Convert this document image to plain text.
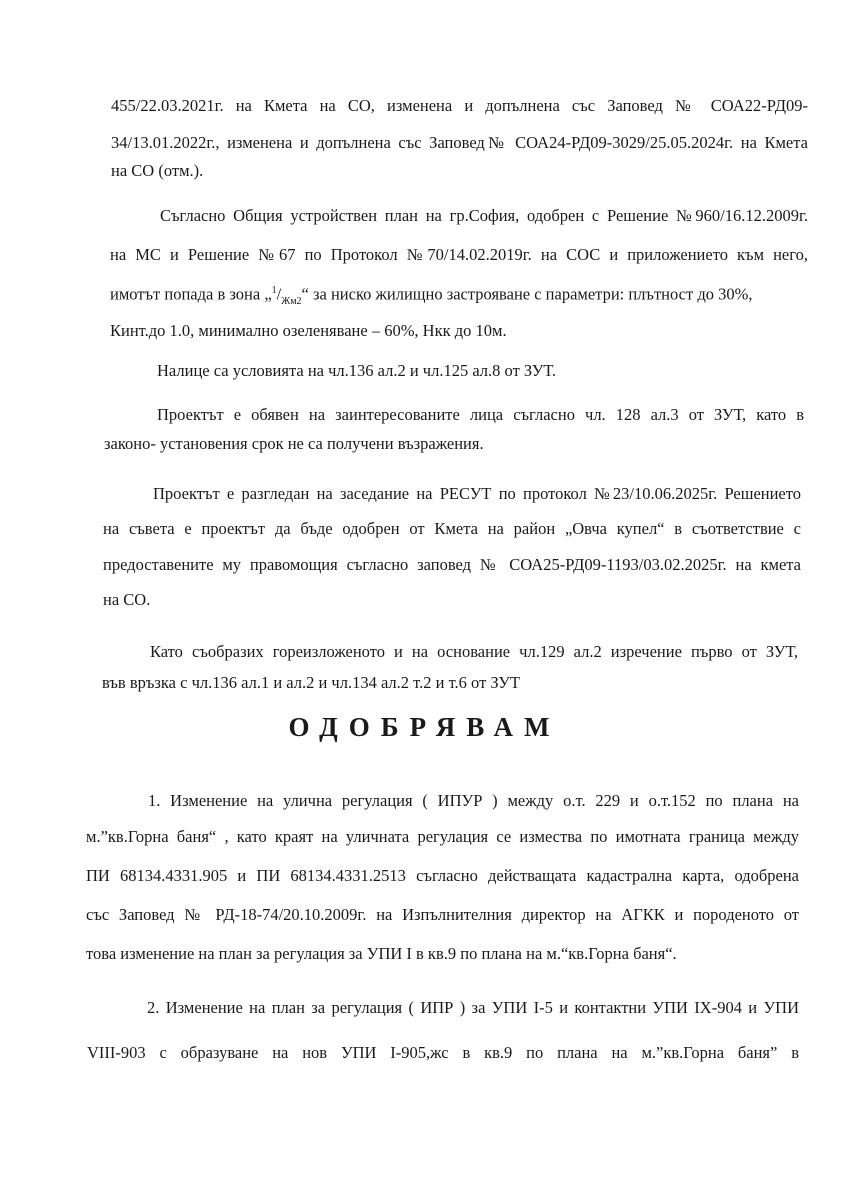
455/22.03.2021г. на Кмета на СО, изменена и допълнена със Заповед № СОА22-РД09-
34/13.01.2022г., изменена и допълнена със Заповед№ СОА24-РД09-3029/25.05.2024г. на Кмета
на СО (отм.).
Съгласно Общия устройствен план на гр.София, одобрен с Решение №960/16.12.2009г.
на МС и Решение №67 по Протокол №70/14.02.2019г. на СОС и приложението към него,
имотът попада в зона $„^1/_{Жм2}“$ за ниско жилищно застрояване с параметри: плътност до 30%,
Кинт.до 1.0, минимално озеленяване – 60%, Нкк до 10м.
Налице са условията на чл.136 ал.2 и чл.125 ал.8 от ЗУТ.
Проектът е обявен на заинтересованите лица съгласно чл. 128 ал.3 от ЗУТ, като в
законо- установения срок не са получени възражения.
Проектът е разгледан на заседание на РЕСУТ по протокол №23/10.06.2025г. Решението
на съвета е проектът да бъде одобрен от Кмета на район „Овча купел“ в съответствие с
предоставените му правомощия съгласно заповед № СОА25-РД09-1193/03.02.2025г. на кмета
на СО.
Като съобразих гореизложеното и на основание чл.129 ал.2 изречение първо от ЗУТ,
във връзка с чл.136 ал.1 и ал.2 и чл.134 ал.2 т.2 и т.6 от ЗУТ
ОДОБРЯВАМ
1. Изменение на улична регулация ( ИПУР ) между о.т. 229 и о.т.152 по плана на
м.”кв.Горна баня“ , като краят на уличната регулация се измества по имотната граница между
ПИ 68134.4331.905 и ПИ 68134.4331.2513 съгласно действащата кадастрална карта, одобрена
със Заповед № РД-18-74/20.10.2009г. на Изпълнителния директор на АГКК и породеното от
това изменение на план за регулация за УПИ I в кв.9 по плана на м.“кв.Горна баня“.
2. Изменение на план за регулация ( ИПР ) за УПИ I-5 и контактни УПИ IX-904 и УПИ
VIII-903 с образуване на нов УПИ I-905,жс в кв.9 по плана на м.”кв.Горна баня” в
